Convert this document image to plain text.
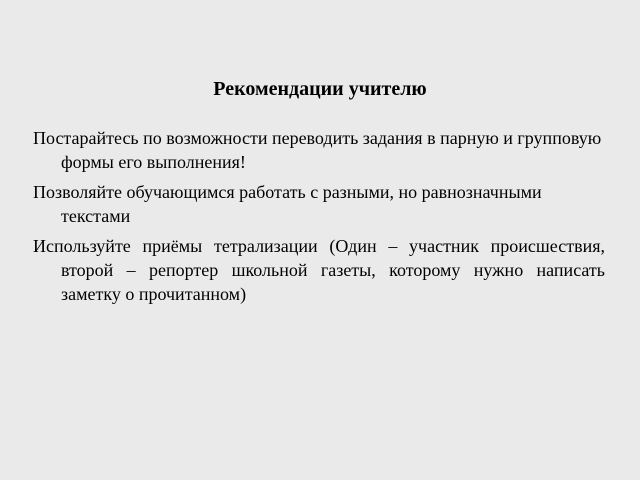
Рекомендации учителю
Постарайтесь по возможности переводить задания в парную и групповую формы его выполнения!
Позволяйте обучающимся работать с разными, но равнозначными текстами
Используйте приёмы тетрализации (Один – участник происшествия, второй – репортер школьной газеты, которому нужно написать заметку о прочитанном)
